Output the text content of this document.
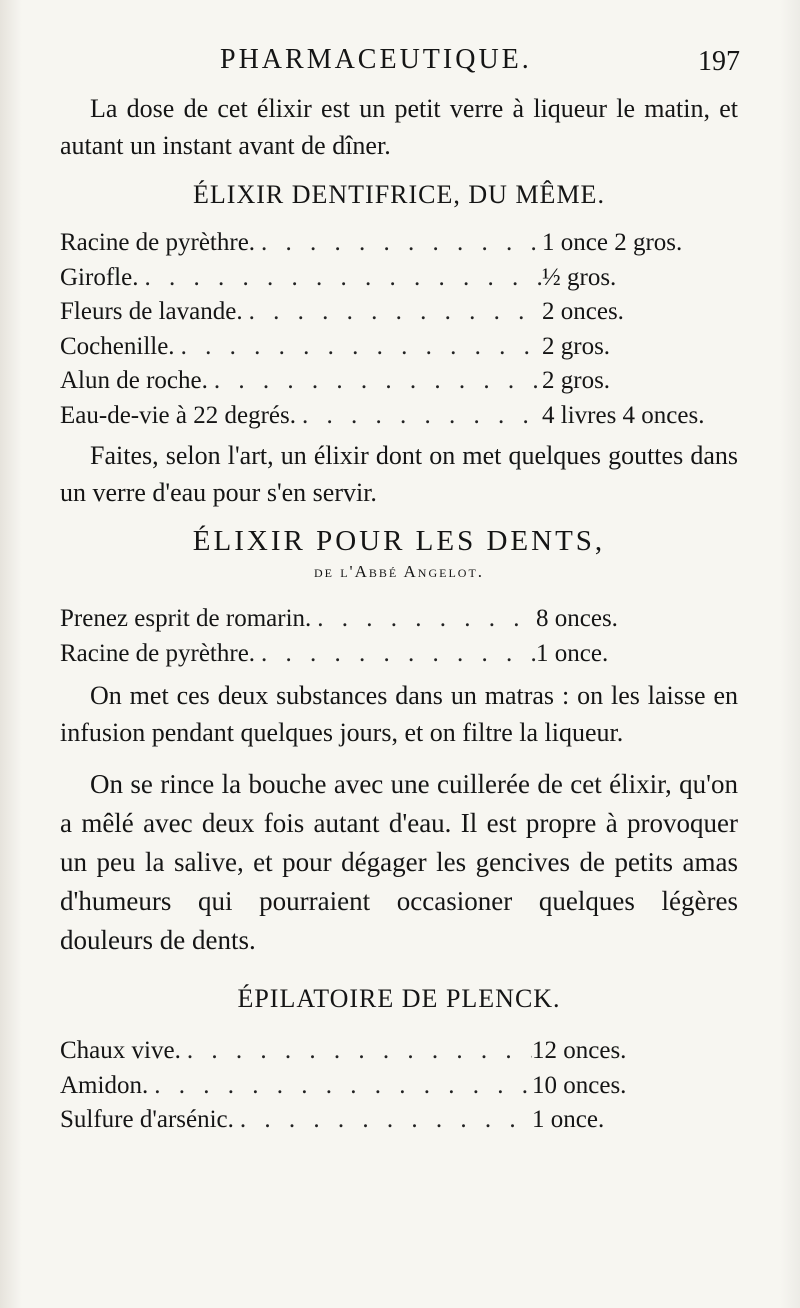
PHARMACEUTIQUE.	197

La dose de cet élixir est un petit verre à liqueur le matin, et autant un instant avant de dîner.

ÉLIXIR DENTIFRICE, DU MÊME.
Racine de pyrèthre. . . .	1 once 2 gros.
Girofle. . . .	½ gros.
Fleurs de lavande. . . .	2 onces.
Cochenille. . . .	2 gros.
Alun de roche. . . .	2 gros.
Eau-de-vie à 22 degrés. . . .	4 livres 4 onces.

Faites, selon l'art, un élixir dont on met quelques gouttes dans un verre d'eau pour s'en servir.

ÉLIXIR POUR LES DENTS,
de l'Abbé Angelot.
Prenez esprit de romarin. . . .	8 onces.
Racine de pyrèthre. . . .	1 once.

On met ces deux substances dans un matras : on les laisse en infusion pendant quelques jours, et on filtre la liqueur.

On se rince la bouche avec une cuillerée de cet élixir, qu'on a mêlé avec deux fois autant d'eau. Il est propre à provoquer un peu la salive, et pour dégager les gencives de petits amas d'humeurs qui pourraient occasioner quelques légères douleurs de dents.

ÉPILATOIRE DE PLENCK.
Chaux vive. . . .	12 onces.
Amidon. . . .	10 onces.
Sulfure d'arsénic. . . .	1 once.
